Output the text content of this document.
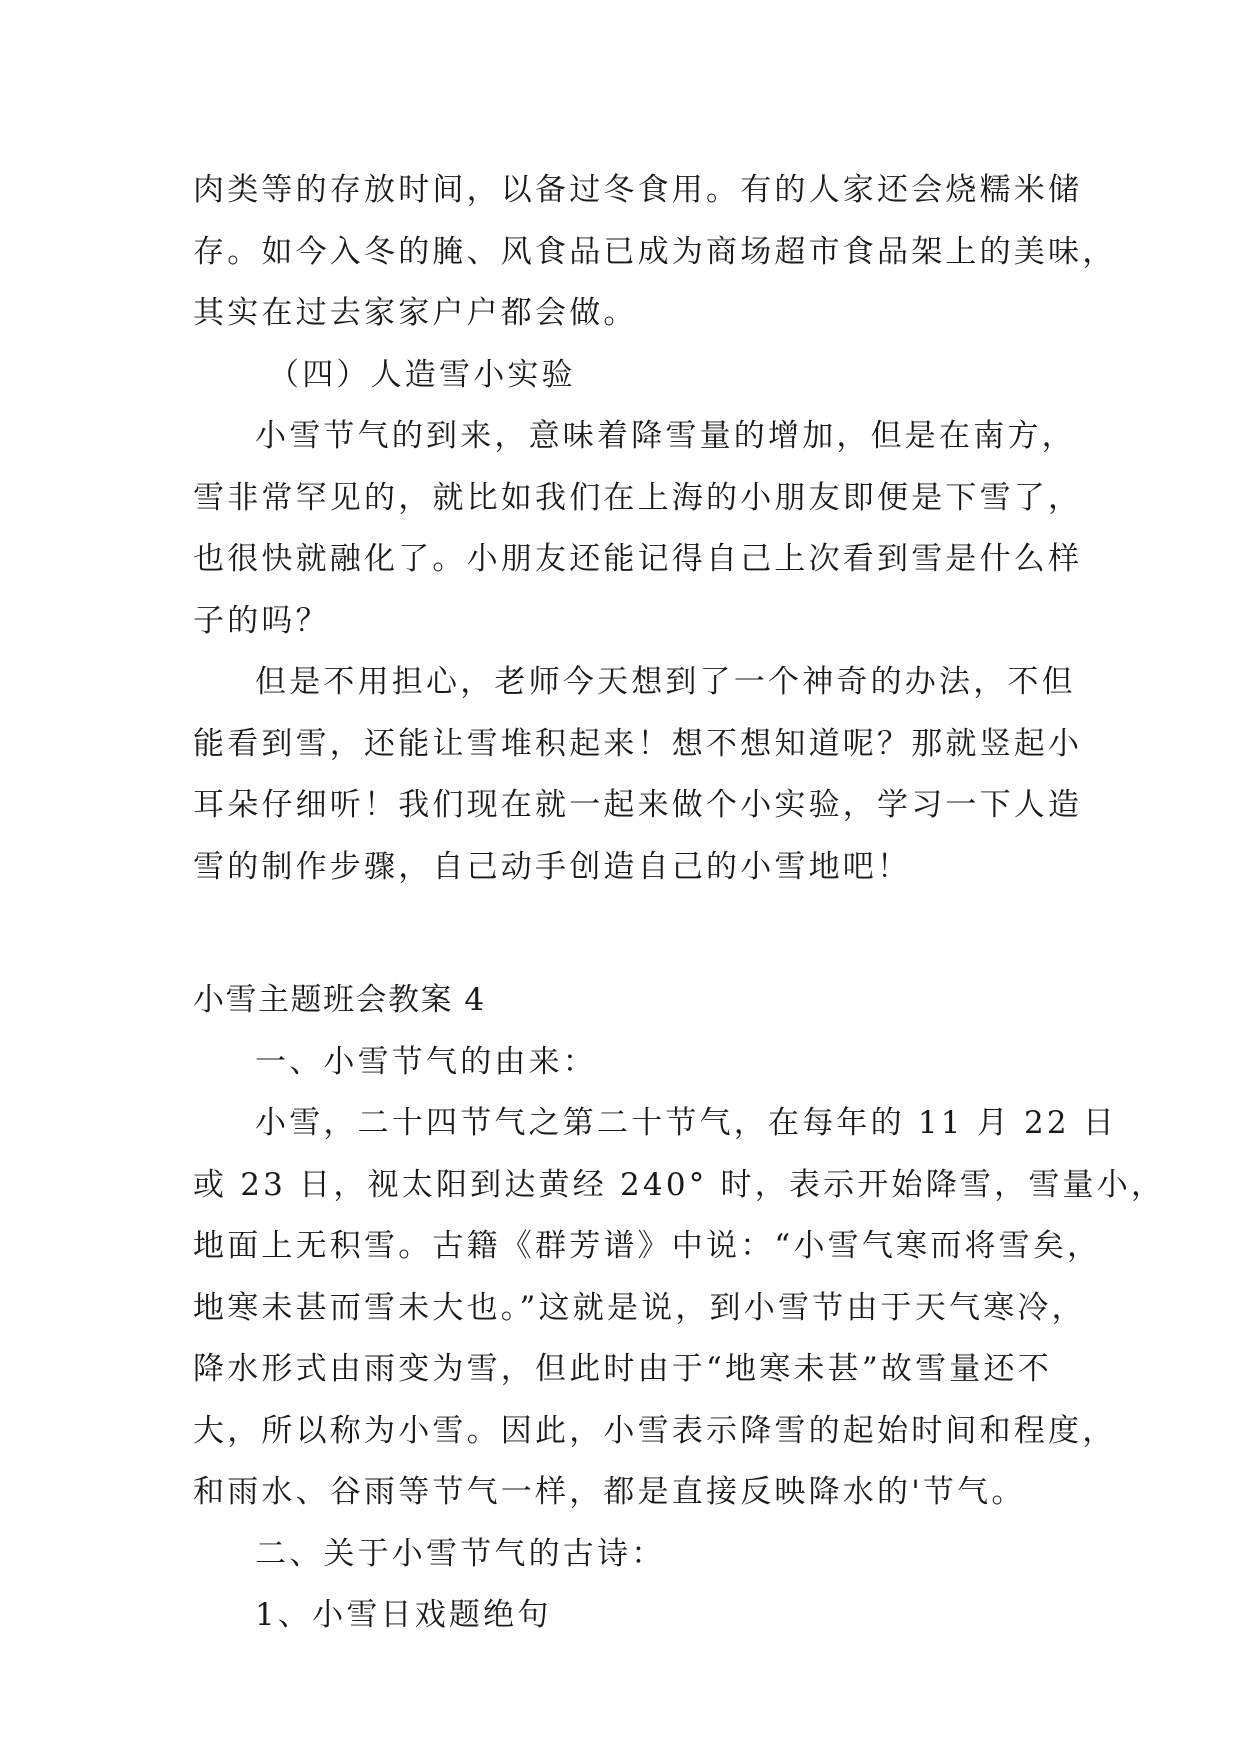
肉类等的存放时间，以备过冬食用。有的人家还会烧糯米储
存。如今入冬的腌、风食品已成为商场超市食品架上的美味，
其实在过去家家户户都会做。
（四）人造雪小实验
小雪节气的到来，意味着降雪量的增加，但是在南方，
雪非常罕见的，就比如我们在上海的小朋友即便是下雪了，
也很快就融化了。小朋友还能记得自己上次看到雪是什么样
子的吗？
但是不用担心，老师今天想到了一个神奇的办法，不但
能看到雪，还能让雪堆积起来！想不想知道呢？那就竖起小
耳朵仔细听！我们现在就一起来做个小实验，学习一下人造
雪的制作步骤，自己动手创造自己的小雪地吧！
小雪主题班会教案 4
一、小雪节气的由来：
小雪，二十四节气之第二十节气，在每年的 11 月 22 日
或 23 日，视太阳到达黄经 240° 时，表示开始降雪，雪量小，
地面上无积雪。古籍《群芳谱》中说：“小雪气寒而将雪矣，
地寒未甚而雪未大也。”这就是说，到小雪节由于天气寒冷，
降水形式由雨变为雪，但此时由于“地寒未甚”故雪量还不
大，所以称为小雪。因此，小雪表示降雪的起始时间和程度，
和雨水、谷雨等节气一样，都是直接反映降水的'节气。
二、关于小雪节气的古诗：
1、小雪日戏题绝句
